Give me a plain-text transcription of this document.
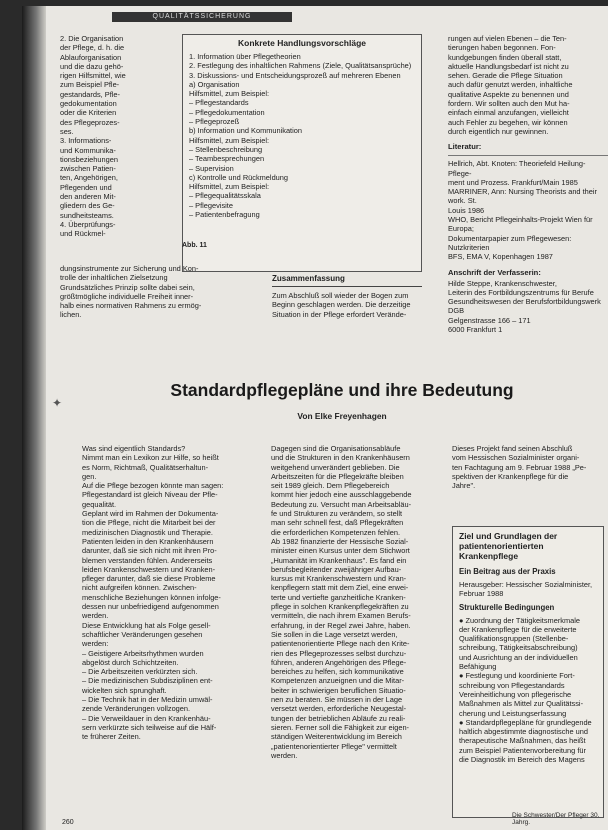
QUALITÄTSSICHERUNG

2. Die Organisation

der Pflege, d. h. die

Ablauforganisation

und die dazu gehö-

rigen Hilfsmittel, wie

zum Beispiel Pfle-

gestandards, Pfle-

gedokumentation

oder die Kriterien

des Pflegeprozes-

ses.

3. Informations-

und Kommunika-

tionsbeziehungen

zwischen Patien-

ten, Angehörigen,

Pflegenden und

den anderen Mit-

gliedern des Ge-

sundheitsteams.

4. Überprüfungs-

und Rückmel-

Konkrete Handlungsvorschläge

1. Information über Pflegetheorien

2. Festlegung des inhaltlichen Rahmens (Ziele, Qualitätsansprüche)

3. Diskussions- und Entscheidungsprozeß auf mehreren Ebenen

a) Organisation

Hilfsmittel, zum Beispiel:

– Pflegestandards

– Pflegedokumentation

– Pflegeprozeß

b) Information und Kommunikation

Hilfsmittel, zum Beispiel:

– Stellenbeschreibung

– Teambesprechungen

– Supervision

c) Kontrolle und Rückmeldung

Hilfsmittel, zum Beispiel:

– Pflegequalitätsskala

– Pflegevisite

– Patientenbefragung

Abb. 11

dungsinstrumente zur Sicherung und Kon-

trolle der inhaltlichen Zielsetzung

Grundsätzliches Prinzip sollte dabei sein,

größtmögliche individuelle Freiheit inner-

halb eines normativen Rahmens zu ermög-

lichen.

Zusammenfassung

Zum Abschluß soll wieder der Bogen zum

Beginn geschlagen werden. Die derzeitige

Situation in der Pflege erfordert Verände-

rungen auf vielen Ebenen – die Ten-

tierungen haben begonnen. Fon-

kundgebungen finden überall statt,

aktuelle Handlungsbedarf ist nicht zu

sehen. Gerade die Pflege Situation

auch dafür genutzt werden, inhaltliche

qualitative Aspekte zu benennen und

fordern. Wir sollten auch den Mut ha-

einfach einmal anzufangen, vielleicht

auch Fehler zu begehen, wir können

durch eigentlich nur gewinnen.

Literatur:

Hellrich, Abt. Knoten: Theoriefeld Heilung-Pflege-

ment und Prozess. Frankfurt/Main 1985

MARRINER, Ann: Nursing Theorists and their work. St.

Louis 1986

WHO, Bericht Pflegeinhalts-Projekt Wien für Europa;

Dokumentarpapier zum Pflegewesen: Nutzkriterien

BFS, EMA V, Kopenhagen 1987

Anschrift der Verfasserin:

Hilde Steppe, Krankenschwester,

Leiterin des Fortbildungszentrums für Berufe

Gesundheitswesen der Berufsfortbildungswerk

DGB

Gelgenstrasse 166 – 171

6000 Frankfurt 1

✦
Standardpflegepläne und ihre Bedeutung
Von Elke Freyenhagen

Was sind eigentlich Standards?

Nimmt man ein Lexikon zur Hilfe, so heißt

es Norm, Richtmaß, Qualitätserhaltun-

gen.

Auf die Pflege bezogen könnte man sagen:

Pflegestandard ist gleich Niveau der Pfle-

gequalität.

Geplant wird im Rahmen der Dokumenta-

tion die Pflege, nicht die Mitarbeit bei der

medizinischen Diagnostik und Therapie.

Patienten leiden in den Krankenhäusern

darunter, daß sie sich nicht mit ihren Pro-

blemen verstanden fühlen. Andererseits

leiden Krankenschwestern und Kranken-

pfleger darunter, daß sie diese Probleme

nicht aufgreifen können. Zwischen-

menschliche Beziehungen können infolge-

dessen nur unbefriedigend aufgenommen

werden.

Diese Entwicklung hat als Folge gesell-

schaftlicher Veränderungen gesehen

werden:

– Geistigere Arbeitsrhythmen wurden

abgelöst durch Schichtzeiten.

– Die Arbeitszeiten verkürzten sich.

– Die medizinischen Subdisziplinen ent-

wickelten sich sprunghaft.

– Die Technik hat in der Medizin umwäl-

zende Veränderungen vollzogen.

– Die Verweildauer in den Krankenhäu-

sern verkürzte sich teilweise auf die Hälf-

te früherer Zeiten.

Dagegen sind die Organisationsabläufe

und die Strukturen in den Krankenhäusern

weitgehend unverändert geblieben. Die

Arbeitszeiten für die Pflegekräfte bleiben

seit 1989 gleich. Dem Pflegebereich

kommt hier jedoch eine ausschlaggebende

Bedeutung zu. Versucht man Arbeitsabläu-

fe und Strukturen zu verändern, so stellt

man sehr schnell fest, daß Pflegekräften

die erforderlichen Kompetenzen fehlen.

Ab 1982 finanzierte der Hessische Sozial-

minister einen Kursus unter dem Stichwort

„Humanität im Krankenhaus". Es fand ein

berufsbegleitender zweijähriger Aufbau-

kursus mit Krankenschwestern und Kran-

kenpflegern statt mit dem Ziel, eine erwei-

terte und vertiefte ganzheitliche Kranken-

pflege in solchen Krankenpflegekräften zu

vermitteln, die nach ihrem Examen Berufs-

erfahrung, in der Regel zwei Jahre, haben.

Sie sollen in die Lage versetzt werden,

patientenorientierte Pflege nach den Krite-

rien des Pflegeprozesses selbst durchzu-

führen, anderen Angehörigen des Pflege-

bereiches zu helfen, sich kommunikative

Kompetenzen anzueignen und die Mitar-

beiter in schwierigen beruflichen Situatio-

nen zu beraten. Sie müssen in der Lage

versetzt werden, erforderliche Neugestal-

tungen der betrieblichen Abläufe zu reali-

sieren. Ferner soll die Fähigkeit zur eigen-

ständigen Weiterentwicklung im Bereich

„patientenorientierter Pflege" vermittelt

werden.

Dieses Projekt fand seinen Abschluß

vom Hessischen Sozialminister organi-

ten Fachtagung am 9. Februar 1988 „Pe-

spektiven der Krankenpflege für die

Jahre".

Ziel und Grundlagen der patientenorientierten Krankenpflege
Ein Beitrag aus der Praxis

Herausgeber: Hessischer Sozialminister,

Februar 1988

Strukturelle Bedingungen

● Zuordnung der Tätigkeitsmerkmale

der Krankenpflege für die erweiterte

Qualifikationsgruppen (Stellenbe-

schreibung, Tätigkeitsabschreibung)

und Ausrichtung an der individuellen

Befähigung

● Festlegung und koordinierte Fort-

schreibung von Pflegestandards

Vereinheitlichung von pflegerische

Maßnahmen als Mittel zur Qualitätssi-

cherung und Leistungserfassung

● Standardpflegepläne für grundlegende

haltlich abgestimmte diagnostische und

therapeutische Maßnahmen, das heißt

zum Beispiel Patientenvorbereitung für

die Diagnostik im Bereich des Magens

260
Die Schwester/Der Pfleger 30. Jahrg.
